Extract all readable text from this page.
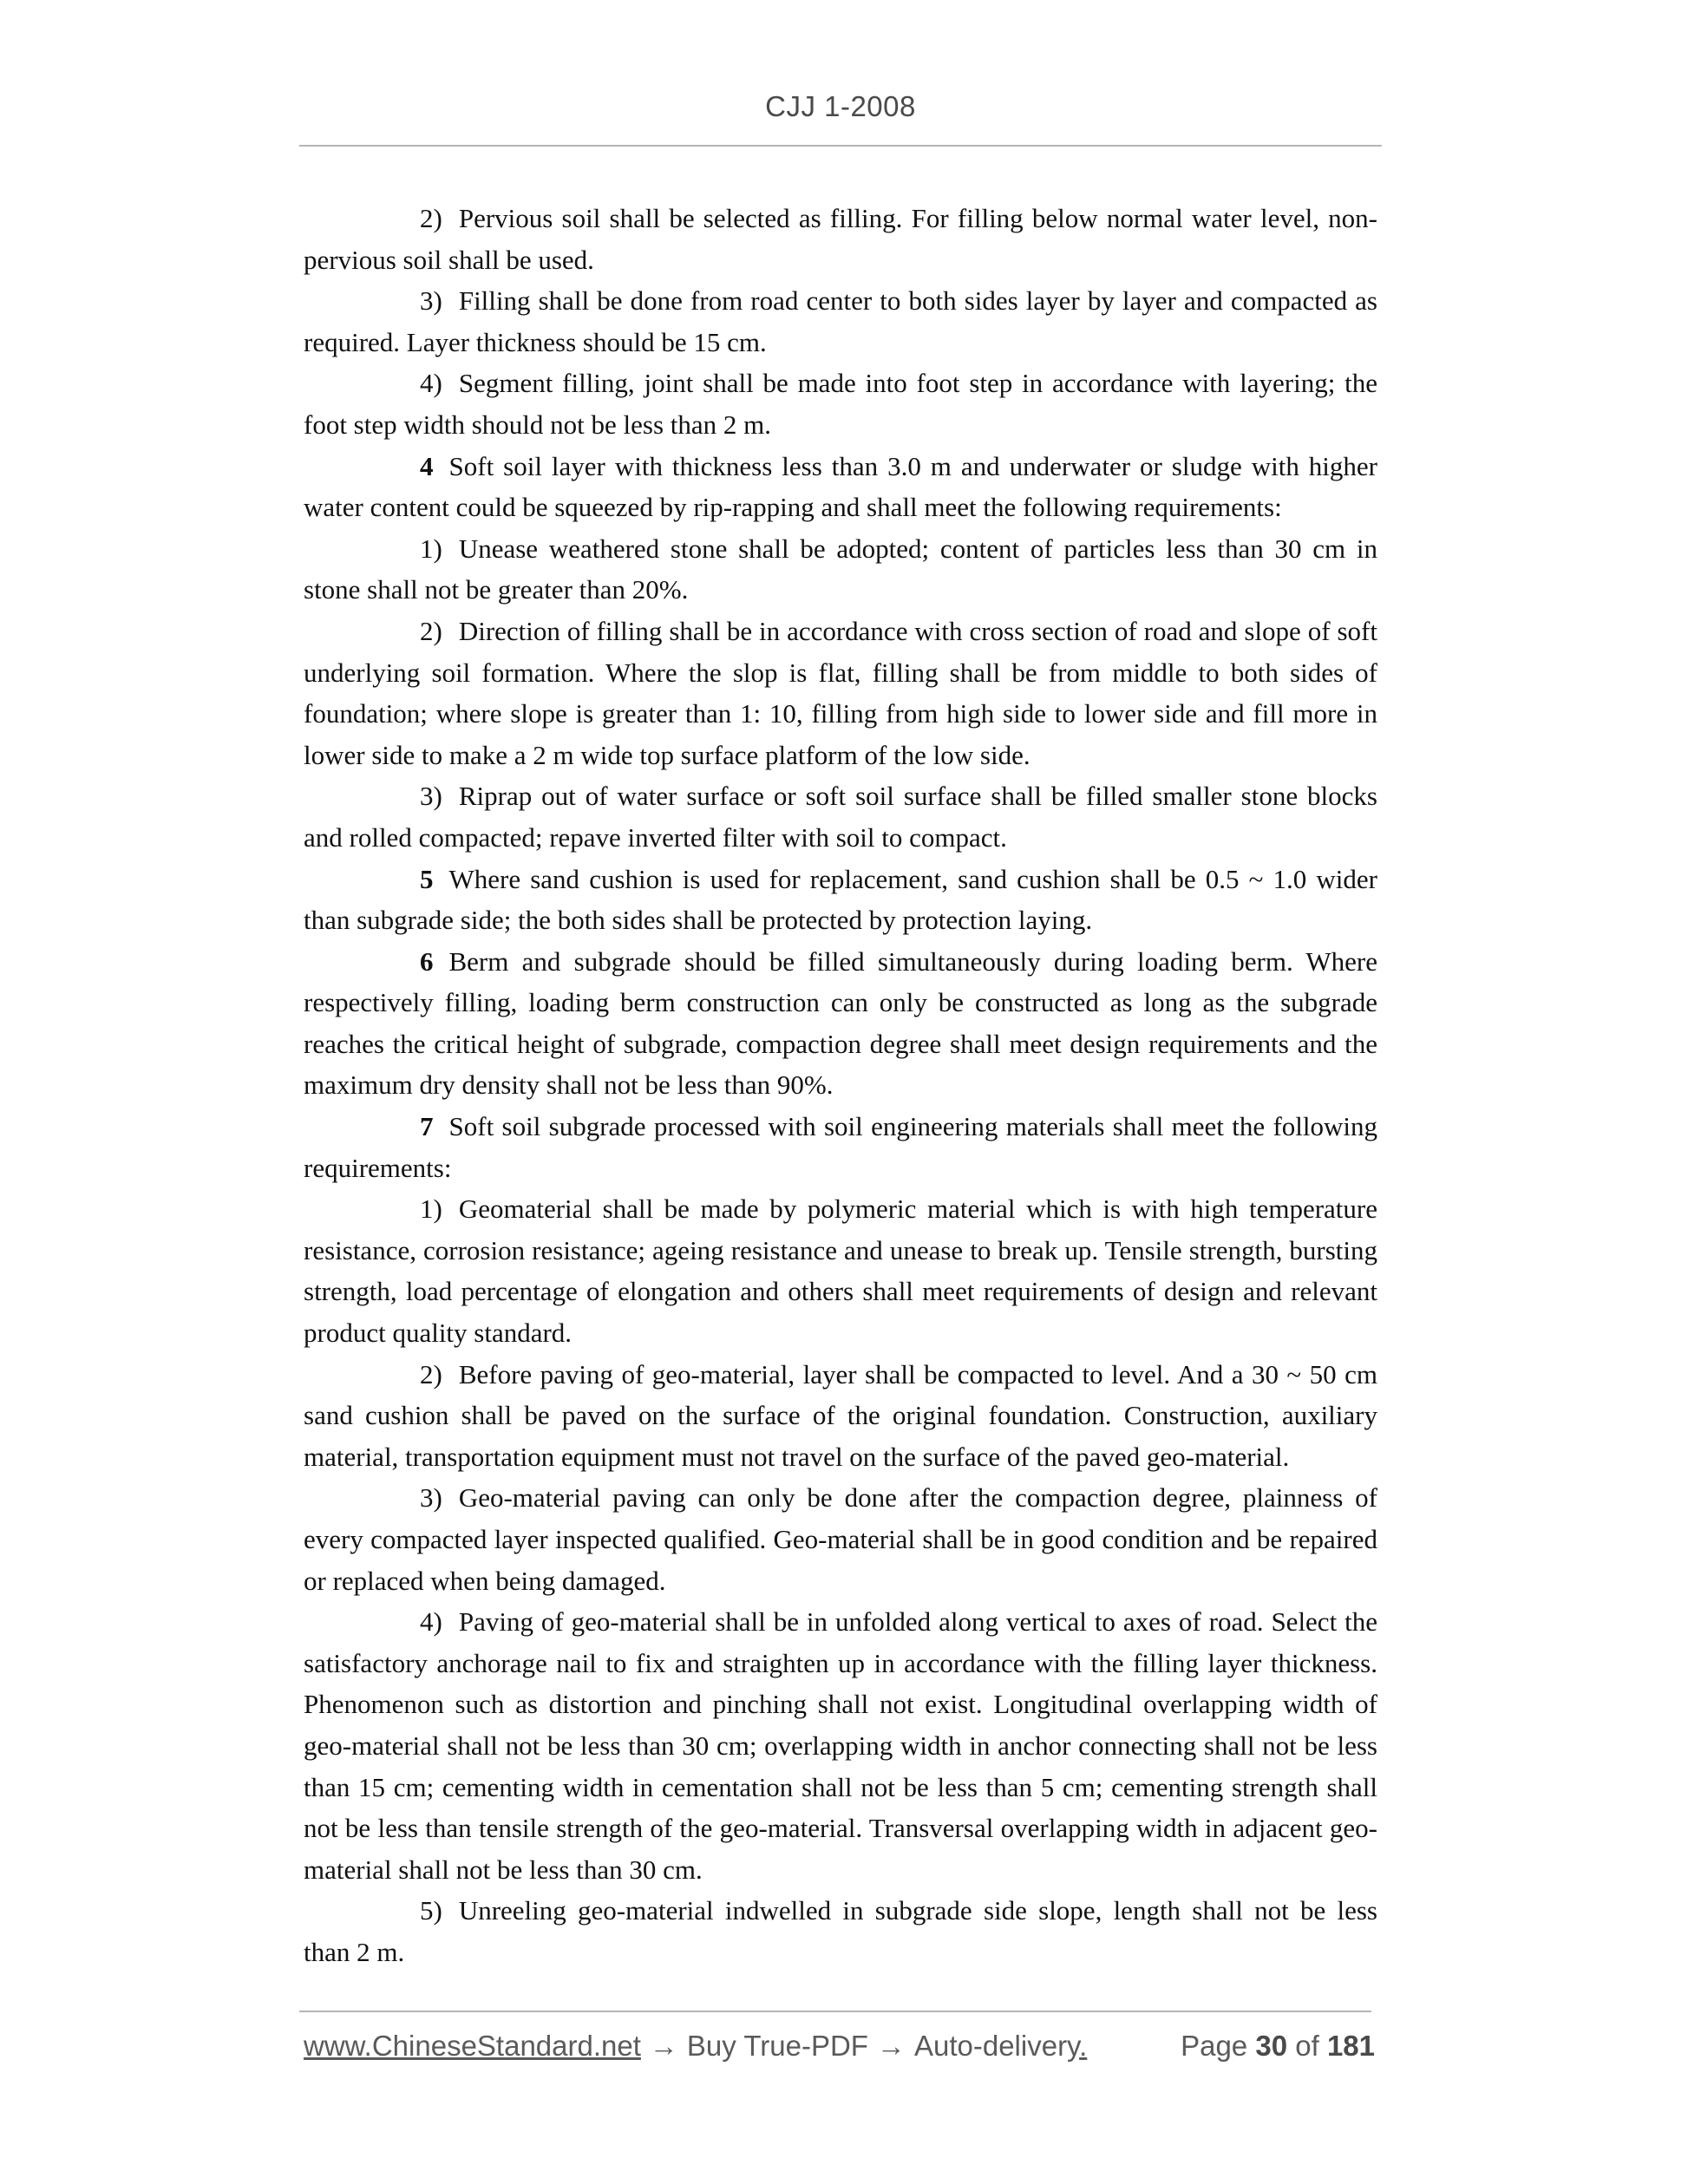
CJJ 1-2008

2) Pervious soil shall be selected as filling. For filling below normal water level, non-pervious soil shall be used.

3) Filling shall be done from road center to both sides layer by layer and compacted as required. Layer thickness should be 15 cm.

4) Segment filling, joint shall be made into foot step in accordance with layering; the foot step width should not be less than 2 m.

4 Soft soil layer with thickness less than 3.0 m and underwater or sludge with higher water content could be squeezed by rip-rapping and shall meet the following requirements:

1) Unease weathered stone shall be adopted; content of particles less than 30 cm in stone shall not be greater than 20%.

2) Direction of filling shall be in accordance with cross section of road and slope of soft underlying soil formation. Where the slop is flat, filling shall be from middle to both sides of foundation; where slope is greater than 1: 10, filling from high side to lower side and fill more in lower side to make a 2 m wide top surface platform of the low side.

3) Riprap out of water surface or soft soil surface shall be filled smaller stone blocks and rolled compacted; repave inverted filter with soil to compact.

5 Where sand cushion is used for replacement, sand cushion shall be 0.5 ~ 1.0 wider than subgrade side; the both sides shall be protected by protection laying.

6 Berm and subgrade should be filled simultaneously during loading berm. Where respectively filling, loading berm construction can only be constructed as long as the subgrade reaches the critical height of subgrade, compaction degree shall meet design requirements and the maximum dry density shall not be less than 90%.

7 Soft soil subgrade processed with soil engineering materials shall meet the following requirements:

1) Geomaterial shall be made by polymeric material which is with high temperature resistance, corrosion resistance; ageing resistance and unease to break up. Tensile strength, bursting strength, load percentage of elongation and others shall meet requirements of design and relevant product quality standard.

2) Before paving of geo-material, layer shall be compacted to level. And a 30 ~ 50 cm sand cushion shall be paved on the surface of the original foundation. Construction, auxiliary material, transportation equipment must not travel on the surface of the paved geo-material.

3) Geo-material paving can only be done after the compaction degree, plainness of every compacted layer inspected qualified. Geo-material shall be in good condition and be repaired or replaced when being damaged.

4) Paving of geo-material shall be in unfolded along vertical to axes of road. Select the satisfactory anchorage nail to fix and straighten up in accordance with the filling layer thickness. Phenomenon such as distortion and pinching shall not exist. Longitudinal overlapping width of geo-material shall not be less than 30 cm; overlapping width in anchor connecting shall not be less than 15 cm; cementing width in cementation shall not be less than 5 cm; cementing strength shall not be less than tensile strength of the geo-material. Transversal overlapping width in adjacent geo-material shall not be less than 30 cm.

5) Unreeling geo-material indwelled in subgrade side slope, length shall not be less than 2 m.

www.ChineseStandard.net → Buy True-PDF → Auto-delivery.	Page 30 of 181
